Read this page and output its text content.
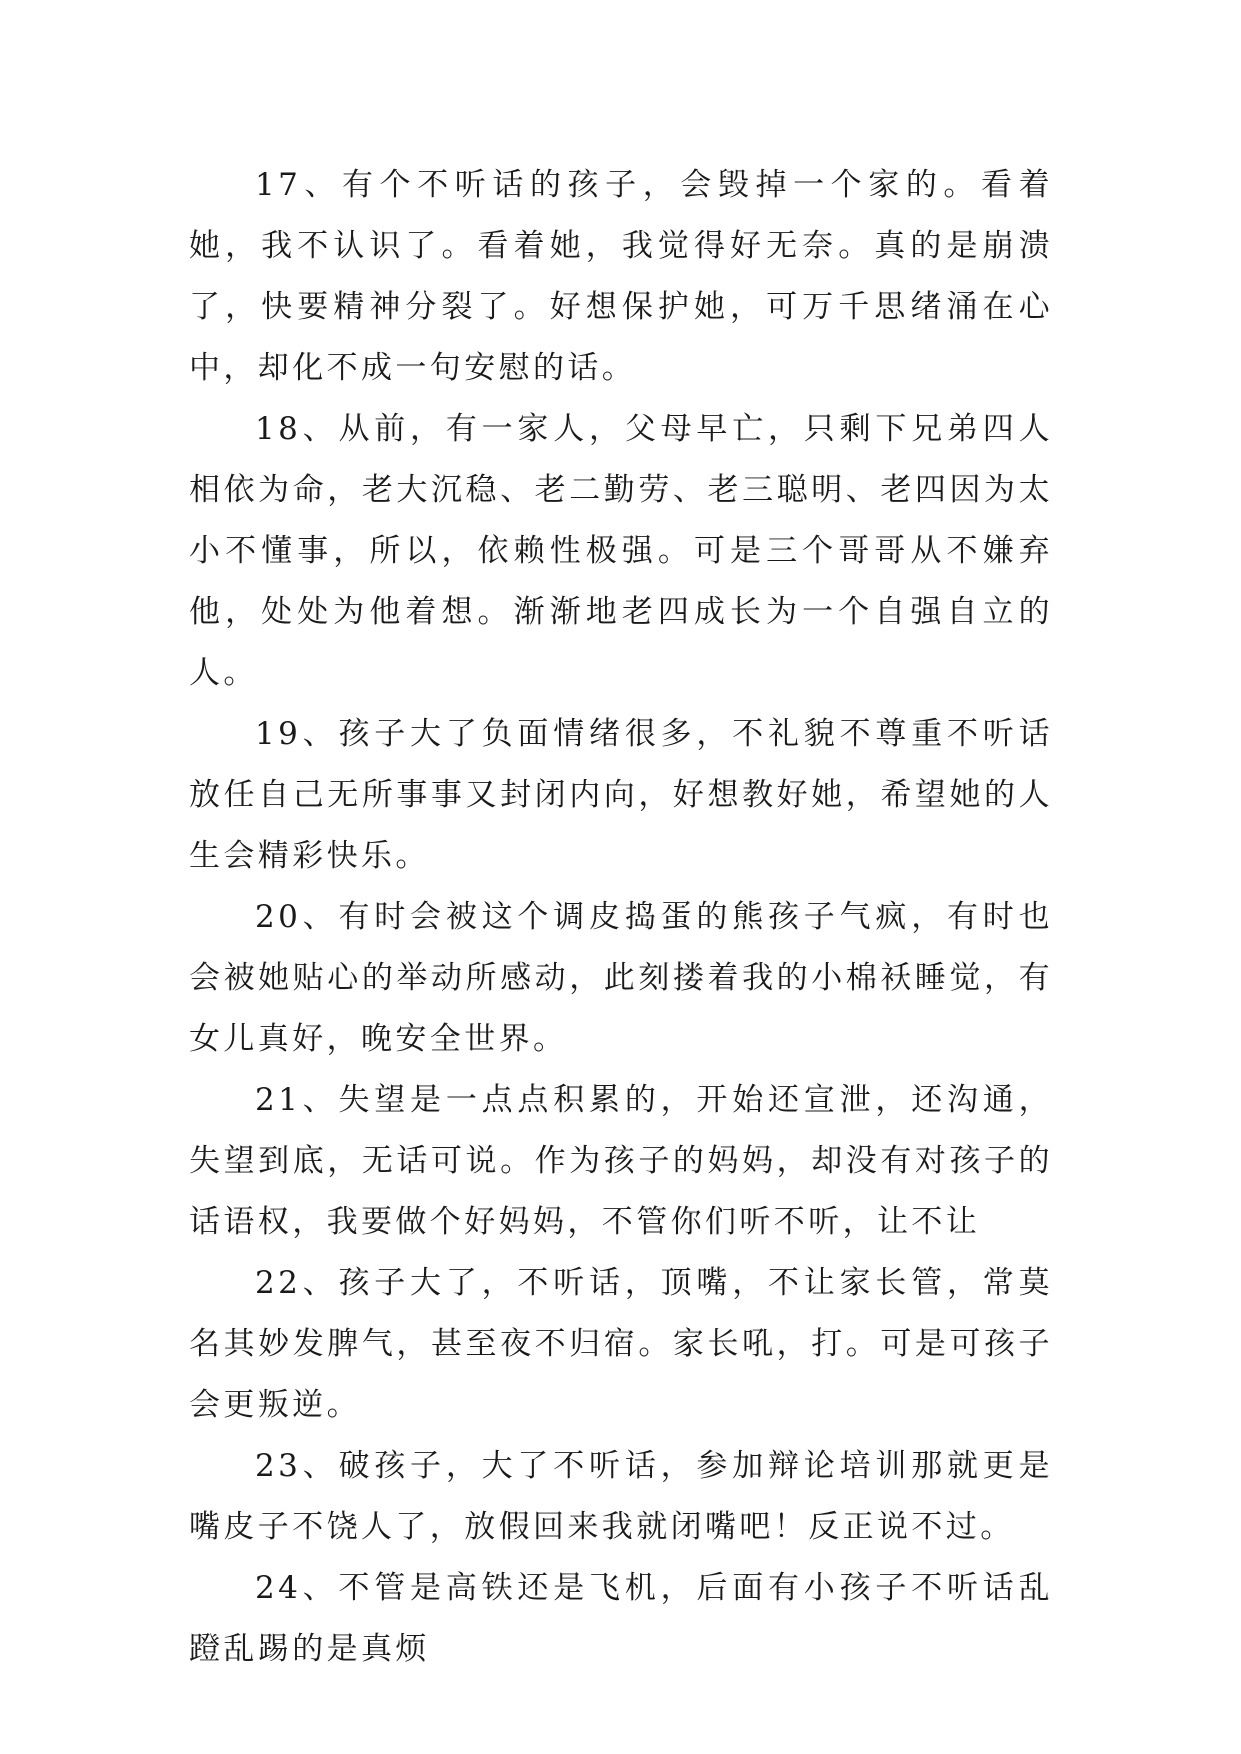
17、有个不听话的孩子，会毁掉一个家的。看着她，我不认识了。看着她，我觉得好无奈。真的是崩溃了，快要精神分裂了。好想保护她，可万千思绪涌在心中，却化不成一句安慰的话。

18、从前，有一家人，父母早亡，只剩下兄弟四人相依为命，老大沉稳、老二勤劳、老三聪明、老四因为太小不懂事，所以，依赖性极强。可是三个哥哥从不嫌弃他，处处为他着想。渐渐地老四成长为一个自强自立的人。

19、孩子大了负面情绪很多，不礼貌不尊重不听话放任自己无所事事又封闭内向，好想教好她，希望她的人生会精彩快乐。

20、有时会被这个调皮捣蛋的熊孩子气疯，有时也会被她贴心的举动所感动，此刻搂着我的小棉袄睡觉，有女儿真好，晚安全世界。

21、失望是一点点积累的，开始还宣泄，还沟通，失望到底，无话可说。作为孩子的妈妈，却没有对孩子的话语权，我要做个好妈妈，不管你们听不听，让不让

22、孩子大了，不听话，顶嘴，不让家长管，常莫名其妙发脾气，甚至夜不归宿。家长吼，打。可是可孩子会更叛逆。

23、破孩子，大了不听话，参加辩论培训那就更是嘴皮子不饶人了，放假回来我就闭嘴吧！反正说不过。

24、不管是高铁还是飞机，后面有小孩子不听话乱蹬乱踢的是真烦
